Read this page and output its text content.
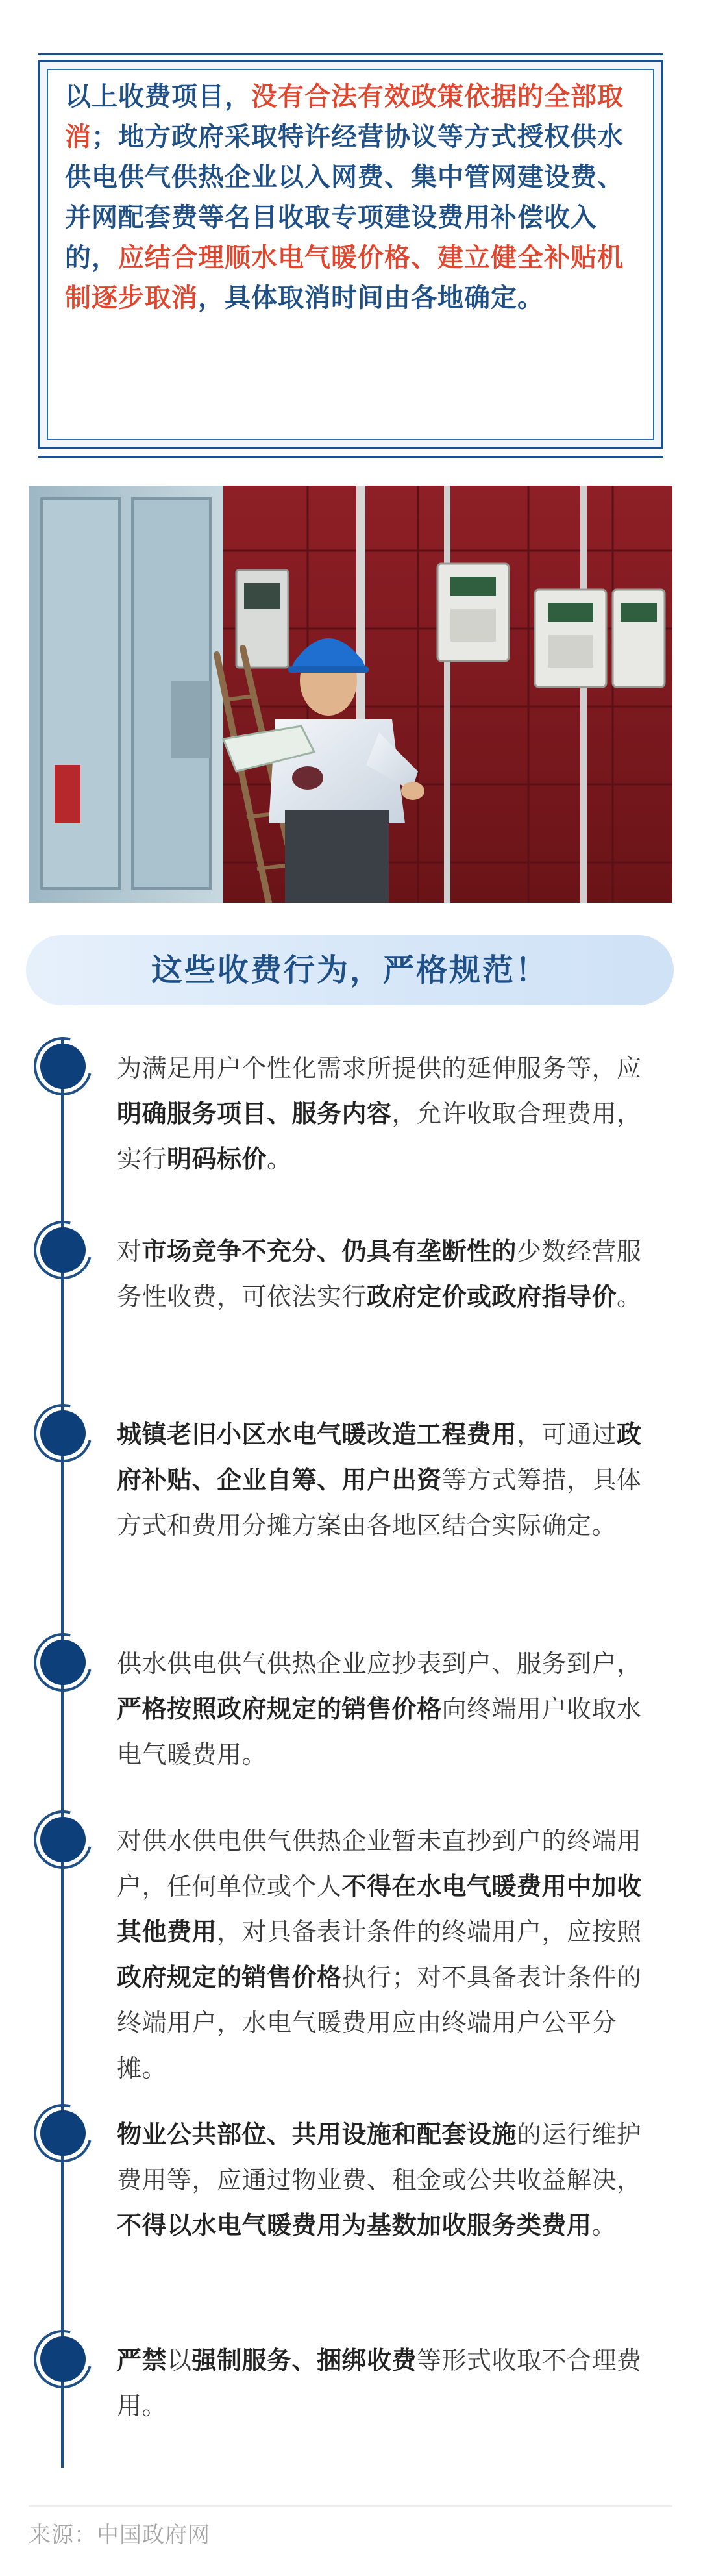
以上收费项目，没有合法有效政策依据的全部取消；地方政府采取特许经营协议等方式授权供水供电供气供热企业以入网费、集中管网建设费、并网配套费等名目收取专项建设费用补偿收入的，应结合理顺水电气暖价格、建立健全补贴机制逐步取消，具体取消时间由各地确定。
这些收费行为，严格规范！
为满足用户个性化需求所提供的延伸服务等，应明确服务项目、服务内容，允许收取合理费用，实行明码标价。
对市场竞争不充分、仍具有垄断性的少数经营服务性收费，可依法实行政府定价或政府指导价。
城镇老旧小区水电气暖改造工程费用，可通过政府补贴、企业自筹、用户出资等方式筹措，具体方式和费用分摊方案由各地区结合实际确定。
供水供电供气供热企业应抄表到户、服务到户，严格按照政府规定的销售价格向终端用户收取水电气暖费用。
对供水供电供气供热企业暂未直抄到户的终端用户，任何单位或个人不得在水电气暖费用中加收其他费用，对具备表计条件的终端用户，应按照政府规定的销售价格执行；对不具备表计条件的终端用户，水电气暖费用应由终端用户公平分摊。
物业公共部位、共用设施和配套设施的运行维护费用等，应通过物业费、租金或公共收益解决，不得以水电气暖费用为基数加收服务类费用。
严禁以强制服务、捆绑收费等形式收取不合理费用。
来源：中国政府网
